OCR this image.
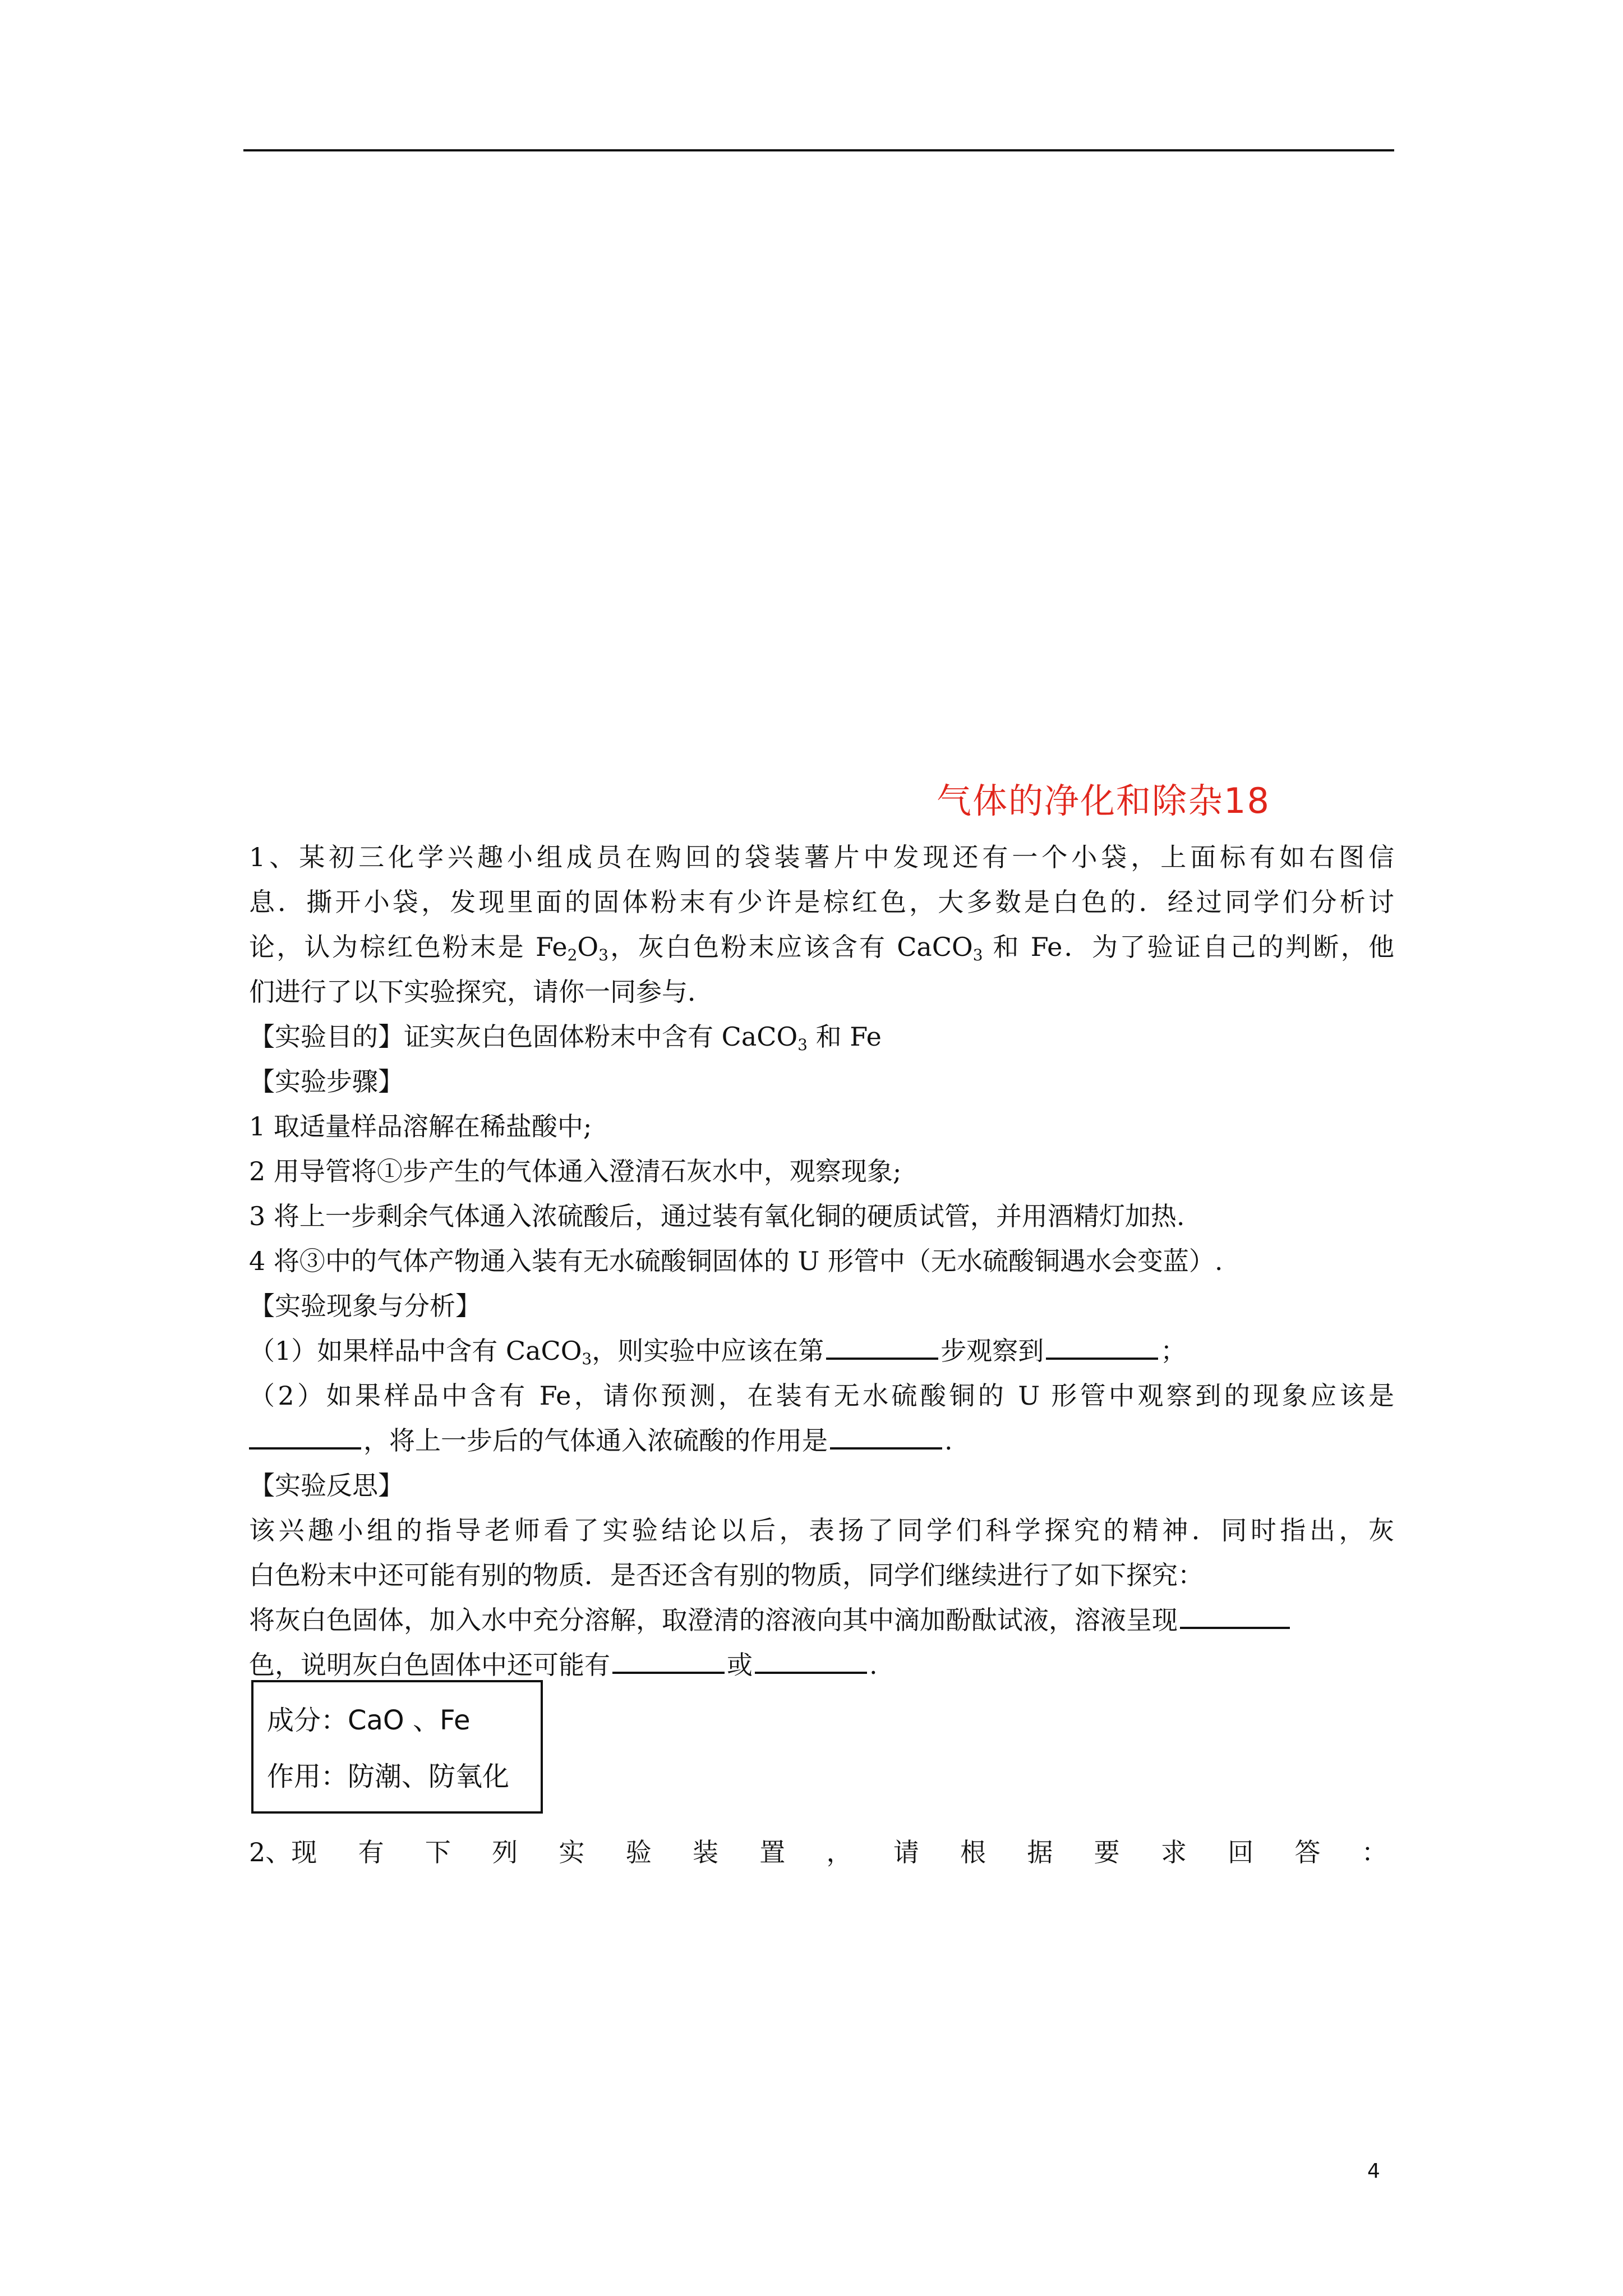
气体的净化和除杂18
1、某初三化学兴趣小组成员在购回的袋装薯片中发现还有一个小袋，上面标有如右图信
息．撕开小袋，发现里面的固体粉末有少许是棕红色，大多数是白色的．经过同学们分析讨
论，认为棕红色粉末是 $Fe_2O_3$，灰白色粉末应该含有 CaCO$_3$ 和 Fe．为了验证自己的判断，他
们进行了以下实验探究，请你一同参与．
【实验目的】证实灰白色固体粉末中含有 CaCO$_3$ 和 Fe
【实验步骤】
1 取适量样品溶解在稀盐酸中;
2 用导管将①步产生的气体通入澄清石灰水中，观察现象;
3 将上一步剩余气体通入浓硫酸后，通过装有氧化铜的硬质试管，并用酒精灯加热.
4 将③中的气体产物通入装有无水硫酸铜固体的 U 形管中（无水硫酸铜遇水会变蓝）.
【实验现象与分析】
（1）如果样品中含有 CaCO$_3$，则实验中应该在第	步观察到	；
（2）如果样品中含有 Fe，请你预测，在装有无水硫酸铜的 U 形管中观察到的现象应该是
，将上一步后的气体通入浓硫酸的作用是	.
【实验反思】
该兴趣小组的指导老师看了实验结论以后，表扬了同学们科学探究的精神．同时指出，灰
白色粉末中还可能有别的物质．是否还含有别的物质，同学们继续进行了如下探究：
将灰白色固体，加入水中充分溶解，取澄清的溶液向其中滴加酚酞试液，溶液呈现
色，说明灰白色固体中还可能有	或	.
成分：CaO 、Fe
作用：防潮、防氧化
2、现 有 下 列 实 验 装 置 ， 请 根 据 要 求 回 答 ：
4
